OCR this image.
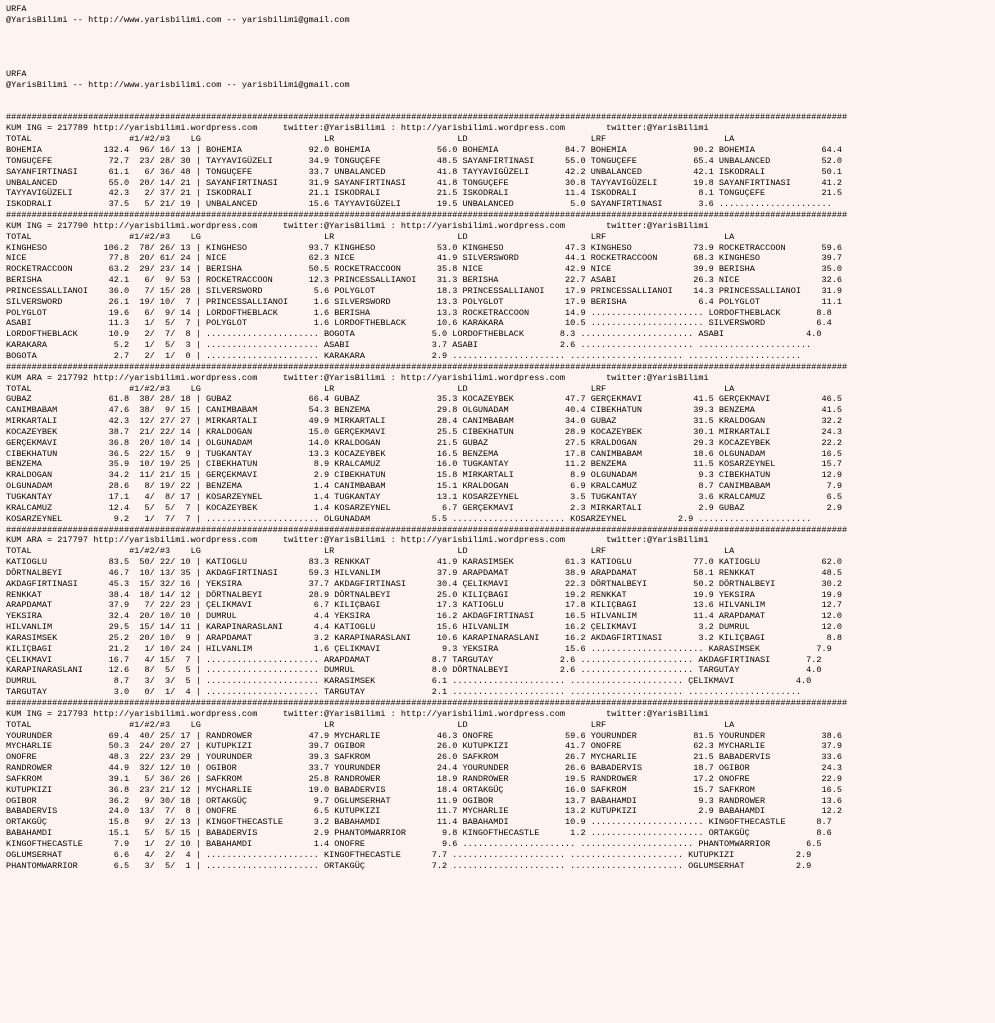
URFA
@YarisBilimi -- http://www.yarisbilimi.com -- yarisbilimi@gmail.com

URFA
@YarisBilimi -- http://www.yarisbilimi.com -- yarisbilimi@gmail.com

####################################################################################################################################################################
KUM ING = 217789 http://yarisbilimi.wordpress.com     twitter:@YarisBilimi : http://yarisbilimi.wordpress.com        twitter:@YarisBilimi
TOTAL                   #1/#2/#3    LG                        LR                        LD                        LRF                       LA
BOHEMIA            132.4  96/ 16/ 13 | BOHEMIA             92.0 BOHEMIA             56.0 BOHEMIA             84.7 BOHEMIA             90.2 BOHEMIA             64.4
TONGUÇEFE           72.7  23/ 28/ 30 | TAYYAVIGÜZELI       34.9 TONGUÇEFE           48.5 SAYANFIRTINASI      55.0 TONGUÇEFE           65.4 UNBALANCED          52.0
SAYANFIRTINASI      61.1   6/ 36/ 48 | TONGUÇEFE           33.7 UNBALANCED          41.8 TAYYAVIGÜZELI       42.2 UNBALANCED          42.1 ISKODRALI           50.1
UNBALANCED          55.0  20/ 14/ 21 | SAYANFIRTINASI      31.9 SAYANFIRTINASI      41.8 TONGUÇEFE           30.8 TAYYAVIGÜZELI       19.8 SAYANFIRTINASI      41.2
TAYYAVIGÜZELI       42.3   2/ 37/ 21 | ISKODRALI           21.1 ISKODRALI           21.5 ISKODRALI           11.4 ISKODRALI            8.1 TONGUÇEFE           21.5
ISKODRALI           37.5   5/ 21/ 19 | UNBALANCED          15.6 TAYYAVIGÜZELI       19.5 UNBALANCED           5.0 SAYANFIRTINASI       3.6 ......................
####################################################################################################################################################################
KUM ING = 217790 http://yarisbilimi.wordpress.com     twitter:@YarisBilimi : http://yarisbilimi.wordpress.com        twitter:@YarisBilimi
TOTAL                   #1/#2/#3    LG                        LR                        LD                        LRF                       LA
KINGHESO           106.2  78/ 26/ 13 | KINGHESO            93.7 KINGHESO            53.0 KINGHESO            47.3 KINGHESO            73.9 ROCKETRACCOON       59.6
NICE                77.8  20/ 61/ 24 | NICE                62.3 NICE                41.9 SILVERSWORD         44.1 ROCKETRACCOON       68.3 KINGHESO            39.7
ROCKETRACCOON       63.2  29/ 23/ 14 | BERISHA             50.5 ROCKETRACCOON       35.8 NICE                42.9 NICE                39.9 BERISHA             35.0
BERISHA             42.1   6/  9/ 53 | ROCKETRACCOON       12.3 PRINCESSALLIANOI    31.3 BERISHA             22.7 ASABI               26.3 NICE                32.6
PRINCESSALLIANOI    36.0   7/ 15/ 28 | SILVERSWORD          5.6 POLYGLOT            18.3 PRINCESSALLIANOI    17.9 PRINCESSALLIANOI    14.3 PRINCESSALLIANOI    31.9
SILVERSWORD         26.1  19/ 10/  7 | PRINCESSALLIANOI     1.6 SILVERSWORD         13.3 POLYGLOT            17.9 BERISHA              6.4 POLYGLOT            11.1
POLYGLOT            19.6   6/  9/ 14 | LORDOFTHEBLACK       1.6 BERISHA             13.3 ROCKETRACCOON       14.9 ...................... LORDOFTHEBLACK       8.8
ASABI               11.3   1/  5/  7 | POLYGLOT             1.6 LORDOFTHEBLACK      10.6 KARAKARA            10.5 ...................... SILVERSWORD          6.4
LORDOFTHEBLACK      10.9   2/  7/  8 | ...................... BOGOTA               5.0 LORDOFTHEBLACK       8.3 ...................... ASABI                4.0
KARAKARA             5.2   1/  5/  3 | ...................... ASABI                3.7 ASABI                2.6 ...................... ......................
BOGOTA               2.7   2/  1/  0 | ...................... KARAKARA             2.9 ...................... ...................... ......................
####################################################################################################################################################################
KUM ARA = 217792 http://yarisbilimi.wordpress.com     twitter:@YarisBilimi : http://yarisbilimi.wordpress.com        twitter:@YarisBilimi
TOTAL                   #1/#2/#3    LG                        LR                        LD                        LRF                       LA
GUBAZ               61.8  38/ 28/ 18 | GUBAZ               66.4 GUBAZ               35.3 KOCAZEYBEK          47.7 GERÇEKMAVI          41.5 GERÇEKMAVI          46.5
CANIMBABAM          47.6  38/  9/ 15 | CANIMBABAM          54.3 BENZEMA             29.8 OLGUNADAM           40.4 CIBEKHATUN          39.3 BENZEMA             41.5
MIRKARTALI          42.3  12/ 27/ 27 | MIRKARTALI          49.9 MIRKARTALI          28.4 CANIMBABAM          34.0 GUBAZ               31.5 KRALDOGAN           32.2
KOCAZEYBEK          38.7  21/ 22/ 14 | KRALDOGAN           15.0 GERÇEKMAVI          25.5 CIBEKHATUN          28.9 KOCAZEYBEK          30.1 MIRKARTALI          24.3
GERÇEKMAVI          36.8  20/ 10/ 14 | OLGUNADAM           14.0 KRALDOGAN           21.5 GUBAZ               27.5 KRALDOGAN           29.3 KOCAZEYBEK          22.2
CIBEKHATUN          36.5  22/ 15/  9 | TUGKANTAY           13.3 KOCAZEYBEK          16.5 BENZEMA             17.8 CANIMBABAM          18.6 OLGUNADAM           16.5
BENZEMA             35.9  10/ 19/ 25 | CIBEKHATUN           8.9 KRALCAMUZ           16.0 TUGKANTAY           11.2 BENZEMA             11.5 KOSARZEYNEL         15.7
KRALDOGAN           34.2  11/ 21/ 15 | GERÇEKMAVI           2.9 CIBEKHATUN          15.8 MIRKARTALI           8.9 OLGUNADAM            9.3 CIBEKHATUN          12.9
OLGUNADAM           28.6   8/ 19/ 22 | BENZEMA              1.4 CANIMBABAM          15.1 KRALDOGAN            6.9 KRALCAMUZ            8.7 CANIMBABAM           7.9
TUGKANTAY           17.1   4/  8/ 17 | KOSARZEYNEL          1.4 TUGKANTAY           13.1 KOSARZEYNEL          3.5 TUGKANTAY            3.6 KRALCAMUZ            6.5
KRALCAMUZ           12.4   5/  5/  7 | KOCAZEYBEK           1.4 KOSARZEYNEL          6.7 GERÇEKMAVI           2.3 MIRKARTALI           2.9 GUBAZ                2.9
KOSARZEYNEL          9.2   1/  7/  7 | ...................... OLGUNADAM            5.5 ...................... KOSARZEYNEL          2.9 ......................
####################################################################################################################################################################
KUM ARA = 217797 http://yarisbilimi.wordpress.com     twitter:@YarisBilimi : http://yarisbilimi.wordpress.com        twitter:@YarisBilimi
TOTAL                   #1/#2/#3    LG                        LR                        LD                        LRF                       LA
KATIOGLU            83.5  50/ 22/ 10 | KATIOGLU            83.3 RENKKAT             41.9 KARASIMSEK          61.3 KATIOGLU            77.0 KATIOGLU            62.0
DÖRTNALBEYI         46.7  10/ 13/ 35 | AKDAGFIRTINASI      59.3 HILVANLIM           37.9 ARAPDAMAT           38.9 ARAPDAMAT           58.1 RENKKAT             48.5
AKDAGFIRTINASI      45.3  15/ 32/ 16 | YEKSIRA             37.7 AKDAGFIRTINASI      30.4 ÇELIKMAVI           22.3 DÖRTNALBEYI         50.2 DÖRTNALBEYI         30.2
RENKKAT             38.4  18/ 14/ 12 | DÖRTNALBEYI         28.9 DÖRTNALBEYI         25.0 KILIÇBAGI           19.2 RENKKAT             19.9 YEKSIRA             19.9
ARAPDAMAT           37.9   7/ 22/ 23 | ÇELIKMAVI            6.7 KILIÇBAGI           17.3 KATIOGLU            17.8 KILIÇBAGI           13.6 HILVANLIM           12.7
YEKSIRA             32.4  20/ 10/ 10 | DUMRUL               4.4 YEKSIRA             16.2 AKDAGFIRTINASI      16.5 HILVANLIM           11.4 ARAPDAMAT           12.0
HILVANLIM           29.5  15/ 14/ 11 | KARAPINARASLANI      4.4 KATIOGLU            15.6 HILVANLIM           16.2 ÇELIKMAVI            3.2 DUMRUL              12.0
KARASIMSEK          25.2  20/ 10/  9 | ARAPDAMAT            3.2 KARAPINARASLANI     10.6 KARAPINARASLANI     16.2 AKDAGFIRTINASI       3.2 KILIÇBAGI            8.8
KILIÇBAGI           21.2   1/ 10/ 24 | HILVANLIM            1.6 ÇELIKMAVI            9.3 YEKSIRA             15.6 ...................... KARASIMSEK           7.9
ÇELIKMAVI           16.7   4/ 15/  7 | ...................... ARAPDAMAT            8.7 TARGUTAY             2.6 ...................... AKDAGFIRTINASI       7.2
KARAPINARASLANI     12.6   8/  5/  5 | ...................... DUMRUL               8.0 DÖRTNALBEYI          2.6 ...................... TARGUTAY             4.0
DUMRUL               8.7   3/  3/  5 | ...................... KARASIMSEK           6.1 ...................... ...................... ÇELIKMAVI            4.0
TARGUTAY             3.0   0/  1/  4 | ...................... TARGUTAY             2.1 ...................... ...................... ......................
####################################################################################################################################################################
KUM ING = 217793 http://yarisbilimi.wordpress.com     twitter:@YarisBilimi : http://yarisbilimi.wordpress.com        twitter:@YarisBilimi
TOTAL                   #1/#2/#3    LG                        LR                        LD                        LRF                       LA
YOURUNDER           69.4  40/ 25/ 17 | RANDROWER           47.9 MYCHARLIE           46.3 ONOFRE              59.6 YOURUNDER           81.5 YOURUNDER           38.6
MYCHARLIE           50.3  24/ 20/ 27 | KUTUPKIZI           39.7 OGIBOR              26.0 KUTUPKIZI           41.7 ONOFRE              62.3 MYCHARLIE           37.9
ONOFRE              48.3  22/ 23/ 29 | YOURUNDER           39.3 SAFKROM             26.0 SAFKROM             26.7 MYCHARLIE           21.5 BABADERVIS          33.6
RANDROWER           44.9  32/ 12/ 10 | OGIBOR              33.7 YOURUNDER           24.4 YOURUNDER           26.6 BABADERVIS          18.7 OGIBOR              24.3
SAFKROM             39.1   5/ 36/ 26 | SAFKROM             25.8 RANDROWER           18.9 RANDROWER           19.5 RANDROWER           17.2 ONOFRE              22.9
KUTUPKIZI           36.8  23/ 21/ 12 | MYCHARLIE           19.0 BABADERVIS          18.4 ORTAKGÜÇ            16.0 SAFKROM             15.7 SAFKROM             16.5
OGIBOR              36.2   9/ 30/ 18 | ORTAKGÜÇ             9.7 OGLUMSERHAT         11.9 OGIBOR              13.7 BABAHAMDI            9.3 RANDROWER           13.6
BABADERVIS          24.0  13/  7/  8 | ONOFRE               6.5 KUTUPKIZI           11.7 MYCHARLIE           13.2 KUTUPKIZI            2.9 BABAHAMDI           12.2
ORTAKGÜÇ            15.8   9/  2/ 13 | KINGOFTHECASTLE      3.2 BABAHAMDI           11.4 BABAHAMDI           10.9 ...................... KINGOFTHECASTLE      8.7
BABAHAMDI           15.1   5/  5/ 15 | BABADERVIS           2.9 PHANTOMWARRIOR       9.8 KINGOFTHECASTLE      1.2 ...................... ORTAKGÜÇ             8.6
KINGOFTHECASTLE      7.9   1/  2/ 10 | BABAHAMDI            1.4 ONOFRE               9.6 ...................... ...................... PHANTOMWARRIOR       6.5
OGLUMSERHAT          6.6   4/  2/  4 | ...................... KINGOFTHECASTLE      7.7 ...................... ...................... KUTUPKIZI            2.9
PHANTOMWARRIOR       6.5   3/  5/  1 | ...................... ORTAKGÜÇ             7.2 ...................... ...................... OGLUMSERHAT          2.9
